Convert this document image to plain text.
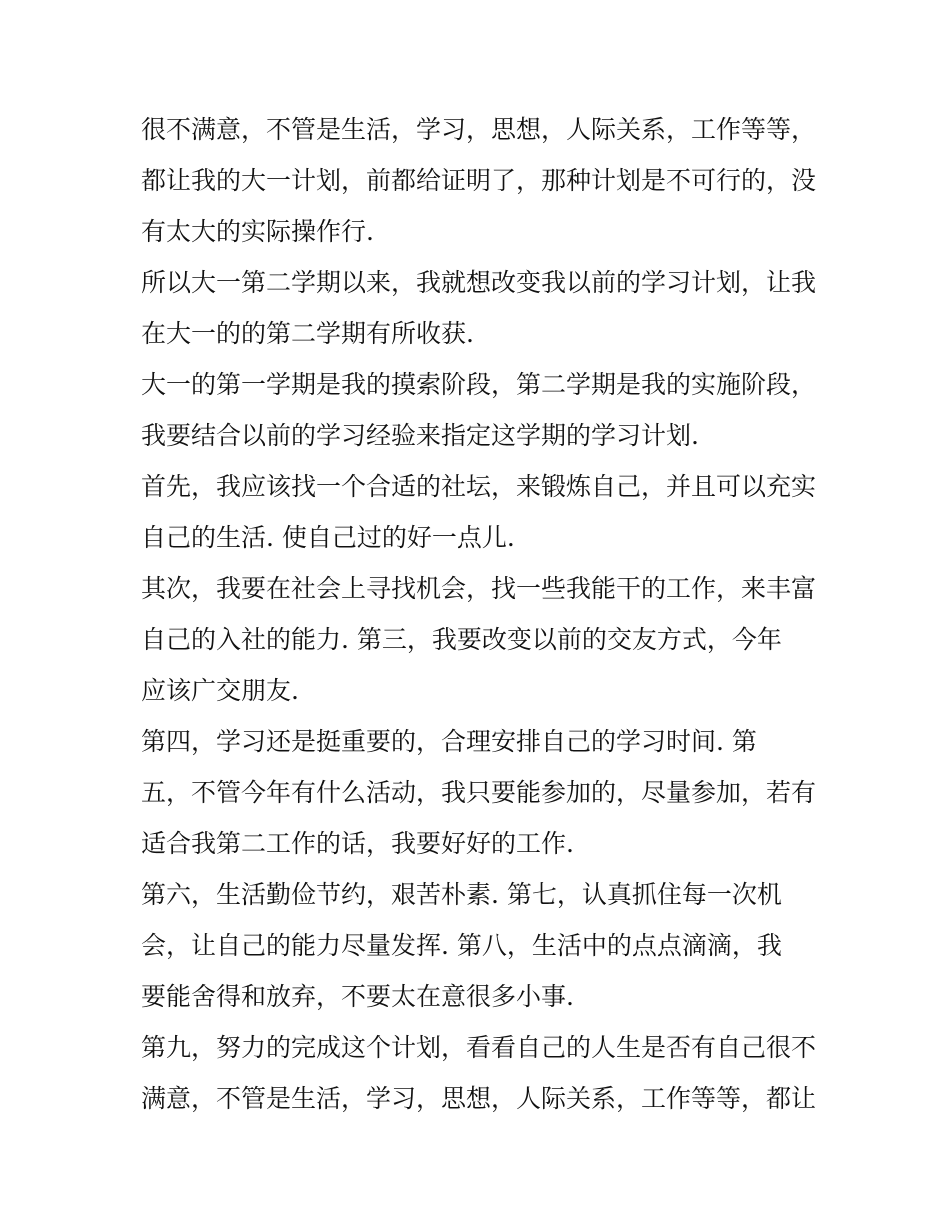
很不满意，不管是生活，学习，思想，人际关系，工作等等，
都让我的大一计划，前都给证明了，那种计划是不可行的，没
有太大的实际操作行.
所以大一第二学期以来，我就想改变我以前的学习计划，让我
在大一的的第二学期有所收获.
大一的第一学期是我的摸索阶段，第二学期是我的实施阶段，
我要结合以前的学习经验来指定这学期的学习计划.
首先，我应该找一个合适的社坛，来锻炼自己，并且可以充实
自己的生活. 使自己过的好一点儿.
其次，我要在社会上寻找机会，找一些我能干的工作，来丰富
自己的入社的能力. 第三，我要改变以前的交友方式，今年
应该广交朋友.
第四，学习还是挺重要的，合理安排自己的学习时间. 第
五，不管今年有什么活动，我只要能参加的，尽量参加，若有
适合我第二工作的话，我要好好的工作.
第六，生活勤俭节约，艰苦朴素. 第七，认真抓住每一次机
会，让自己的能力尽量发挥. 第八，生活中的点点滴滴，我
要能舍得和放弃，不要太在意很多小事.
第九，努力的完成这个计划，看看自己的人生是否有自己很不
满意，不管是生活，学习，思想，人际关系，工作等等，都让
